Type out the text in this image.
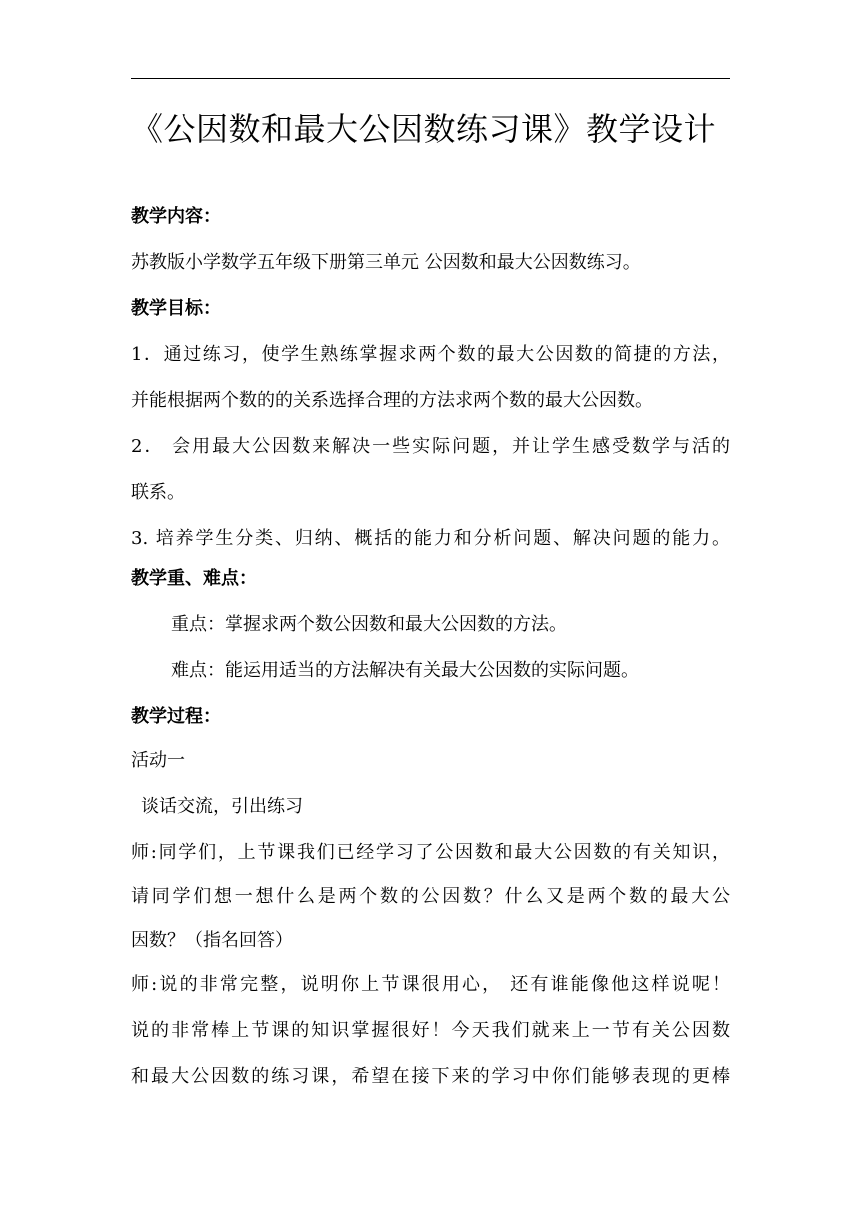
《公因数和最大公因数练习课》教学设计
教学内容：
苏教版小学数学五年级下册第三单元 公因数和最大公因数练习。
教学目标：
1．通过练习，使学生熟练掌握求两个数的最大公因数的简捷的方法，
并能根据两个数的的关系选择合理的方法求两个数的最大公因数。
2． 会用最大公因数来解决一些实际问题，并让学生感受数学与活的
联系。
3. 培养学生分类、归纳、概括的能力和分析问题、解决问题的能力。
教学重、难点：
重点：掌握求两个数公因数和最大公因数的方法。
难点：能运用适当的方法解决有关最大公因数的实际问题。
教学过程：
活动一
谈话交流，引出练习
师:同学们，上节课我们已经学习了公因数和最大公因数的有关知识，
请同学们想一想什么是两个数的公因数？什么又是两个数的最大公
因数？（指名回答）
师:说的非常完整，说明你上节课很用心， 还有谁能像他这样说呢！
说的非常棒上节课的知识掌握很好！今天我们就来上一节有关公因数
和最大公因数的练习课，希望在接下来的学习中你们能够表现的更棒
